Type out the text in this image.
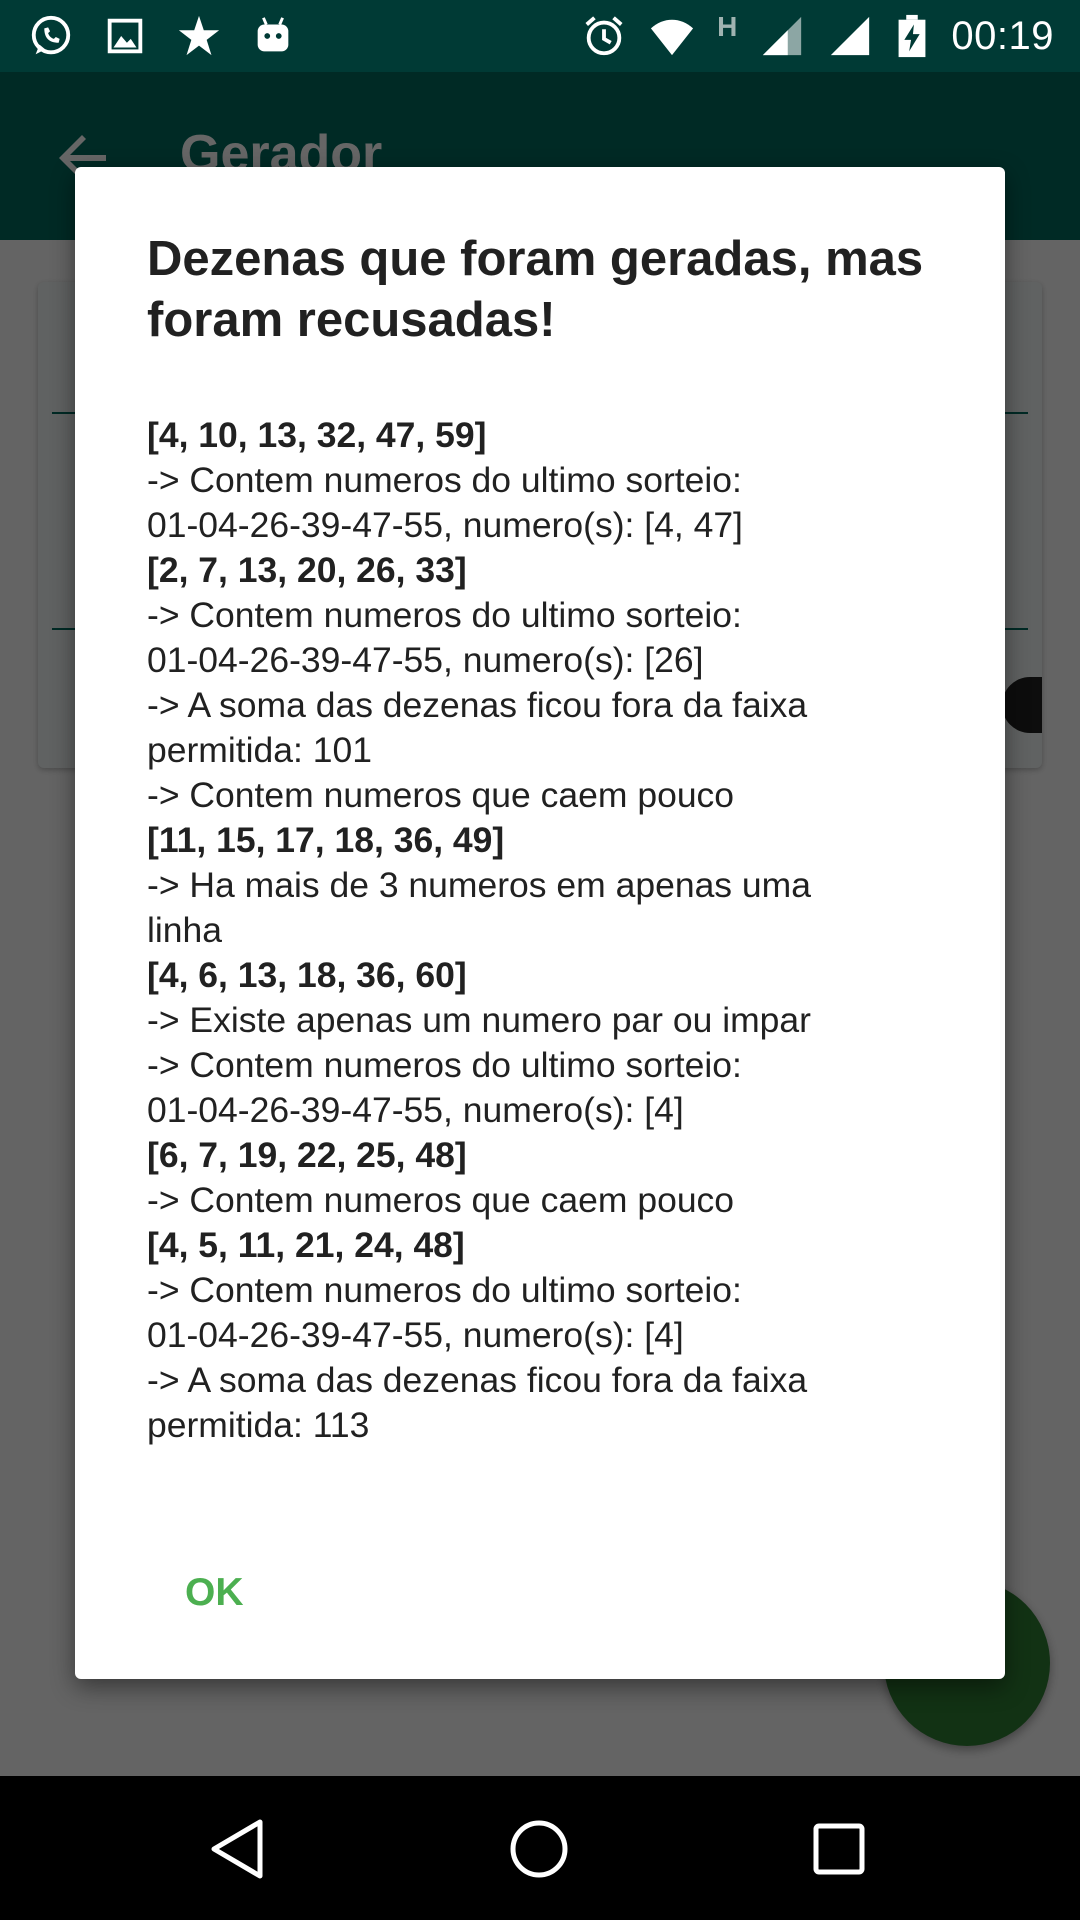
H	00:19
Dezenas que foram geradas, mas foram recusadas!
[4, 10, 13, 32, 47, 59]
-> Contem numeros do ultimo sorteio:
01-04-26-39-47-55, numero(s): [4, 47]
[2, 7, 13, 20, 26, 33]
-> Contem numeros do ultimo sorteio:
01-04-26-39-47-55, numero(s): [26]
-> A soma das dezenas ficou fora da faixa
permitida: 101
-> Contem numeros que caem pouco
[11, 15, 17, 18, 36, 49]
-> Ha mais de 3 numeros em apenas uma
linha
[4, 6, 13, 18, 36, 60]
-> Existe apenas um numero par ou impar
-> Contem numeros do ultimo sorteio:
01-04-26-39-47-55, numero(s): [4]
[6, 7, 19, 22, 25, 48]
-> Contem numeros que caem pouco
[4, 5, 11, 21, 24, 48]
-> Contem numeros do ultimo sorteio:
01-04-26-39-47-55, numero(s): [4]
-> A soma das dezenas ficou fora da faixa
permitida: 113
OK
